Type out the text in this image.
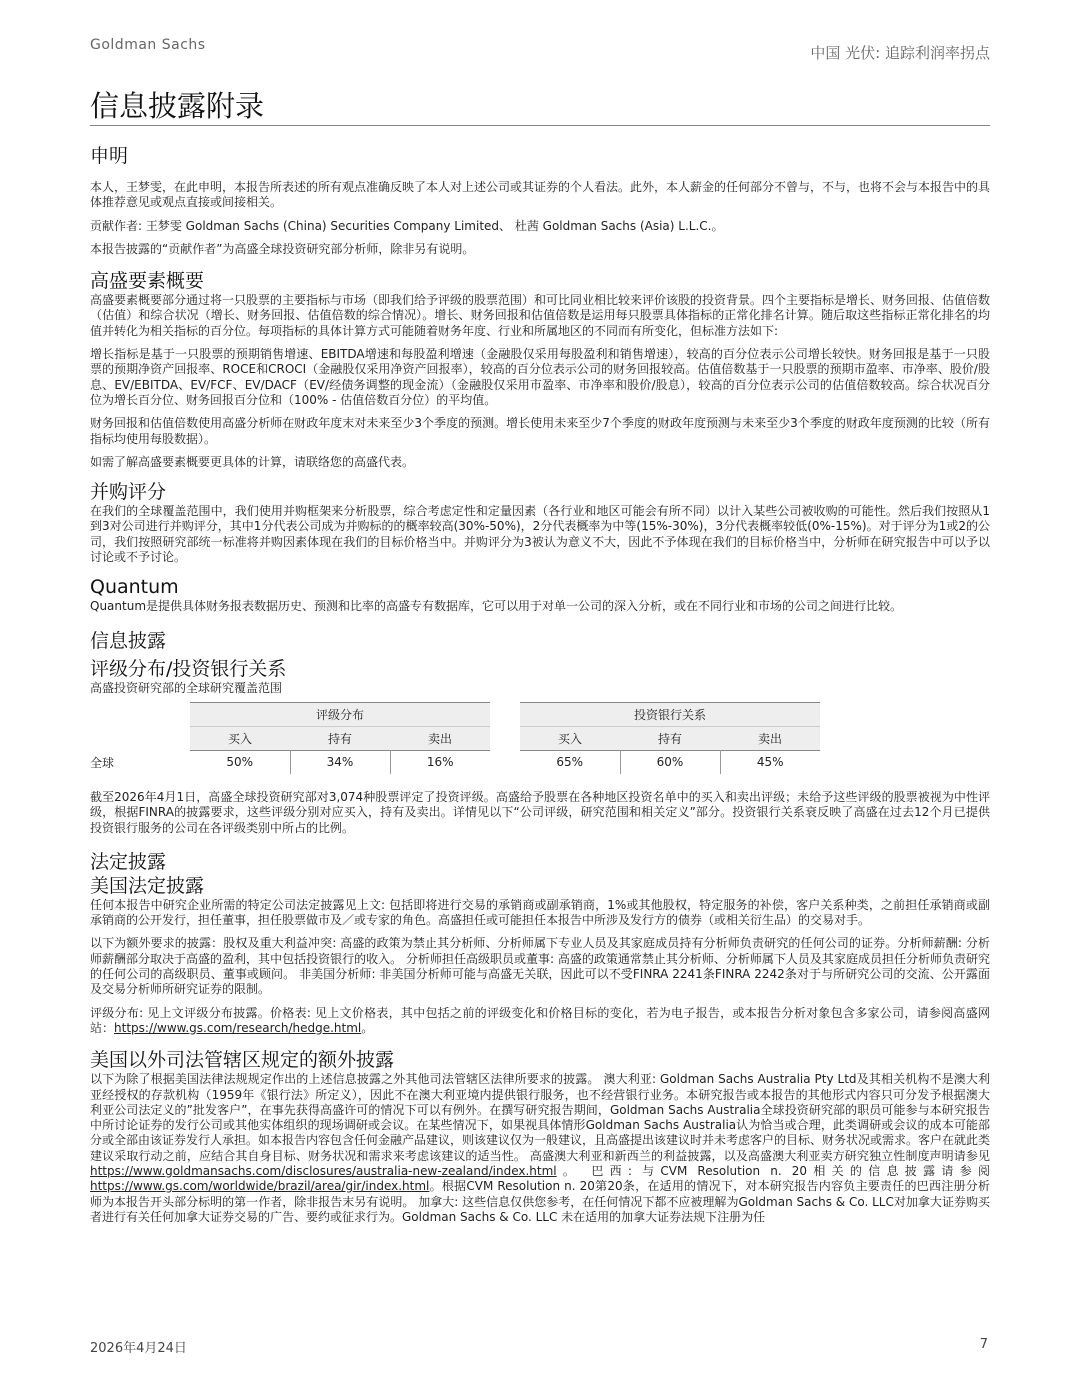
Goldman Sachs	中国 光伏: 追踪利润率拐点
信息披露附录
申明

本人，王梦雯，在此申明，本报告所表述的所有观点准确反映了本人对上述公司或其证券的个人看法。此外，本人薪金的任何部分不曾与，不与，也将不会与本报告中的具体推荐意见或观点直接或间接相关。

贡献作者: 王梦雯 Goldman Sachs (China) Securities Company Limited、 杜茜 Goldman Sachs (Asia) L.L.C.。

本报告披露的“贡献作者”为高盛全球投资研究部分析师，除非另有说明。

高盛要素概要

高盛要素概要部分通过将一只股票的主要指标与市场（即我们给予评级的股票范围）和可比同业相比较来评价该股的投资背景。四个主要指标是增长、财务回报、估值倍数（估值）和综合状况（增长、财务回报、估值倍数的综合情况）。增长、财务回报和估值倍数是运用每只股票具体指标的正常化排名计算。随后取这些指标正常化排名的均值并转化为相关指标的百分位。每项指标的具体计算方式可能随着财务年度、行业和所属地区的不同而有所变化，但标准方法如下:

增长指标是基于一只股票的预期销售增速、EBITDA增速和每股盈利增速（金融股仅采用每股盈利和销售增速），较高的百分位表示公司增长较快。财务回报是基于一只股票的预期净资产回报率、ROCE和CROCI（金融股仅采用净资产回报率），较高的百分位表示公司的财务回报较高。估值倍数基于一只股票的预期市盈率、市净率、股价/股息、EV/EBITDA、EV/FCF、EV/DACF（EV/经债务调整的现金流）（金融股仅采用市盈率、市净率和股价/股息），较高的百分位表示公司的估值倍数较高。综合状况百分位为增长百分位、财务回报百分位和（100% - 估值倍数百分位）的平均值。

财务回报和估值倍数使用高盛分析师在财政年度末对未来至少3个季度的预测。增长使用未来至少7个季度的财政年度预测与未来至少3个季度的财政年度预测的比较（所有指标均使用每股数据）。

如需了解高盛要素概要更具体的计算，请联络您的高盛代表。

并购评分

在我们的全球覆盖范围中，我们使用并购框架来分析股票，综合考虑定性和定量因素（各行业和地区可能会有所不同）以计入某些公司被收购的可能性。然后我们按照从1到3对公司进行并购评分，其中1分代表公司成为并购标的的概率较高(30%-50%)，2分代表概率为中等(15%-30%)，3分代表概率较低(0%-15%)。对于评分为1或2的公司，我们按照研究部统一标准将并购因素体现在我们的目标价格当中。并购评分为3被认为意义不大，因此不予体现在我们的目标价格当中，分析师在研究报告中可以予以讨论或不予讨论。

Quantum

Quantum是提供具体财务报表数据历史、预测和比率的高盛专有数据库，它可以用于对单一公司的深入分析，或在不同行业和市场的公司之间进行比较。

信息披露
评级分布/投资银行关系

高盛投资研究部的全球研究覆盖范围

	评级分布				投资银行关系		
	买入	持有	卖出		买入	持有	卖出
全球	50%	34%	16%		65%	60%	45%

截至2026年4月1日，高盛全球投资研究部对3,074种股票评定了投资评级。高盛给予股票在各种地区投资名单中的买入和卖出评级；未给予这些评级的股票被视为中性评级，根据FINRA的披露要求，这些评级分别对应买入，持有及卖出。详情见以下“公司评级，研究范围和相关定义”部分。投资银行关系衰反映了高盛在过去12个月已提供投资银行服务的公司在各评级类别中所占的比例。

法定披露
美国法定披露

任何本报告中研究企业所需的特定公司法定披露见上文: 包括即将进行交易的承销商或副承销商，1%或其他股权，特定服务的补偿，客户关系种类，之前担任承销商或副承销商的公开发行，担任董事，担任股票做市及／或专家的角色。高盛担任或可能担任本报告中所涉及发行方的债券（或相关衍生品）的交易对手。

以下为额外要求的披露：股权及重大利益冲突: 高盛的政策为禁止其分析师、分析师属下专业人员及其家庭成员持有分析师负责研究的任何公司的证券。分析师薪酬: 分析师薪酬部分取决于高盛的盈利，其中包括投资银行的收入。 分析师担任高级职员或董事: 高盛的政策通常禁止其分析师、分析师属下人员及其家庭成员担任分析师负责研究的任何公司的高级职员、董事或顾问。 非美国分析师: 非美国分析师可能与高盛无关联，因此可以不受FINRA 2241条FINRA 2242条对于与所研究公司的交流、公开露面及交易分析师所研究证券的限制。

评级分布: 见上文评级分布披露。价格表: 见上文价格表，其中包括之前的评级变化和价格目标的变化，若为电子报告，或本报告分析对象包含多家公司，请参阅高盛网站：https://www.gs.com/research/hedge.html。

美国以外司法管辖区规定的额外披露

以下为除了根据美国法律法规规定作出的上述信息披露之外其他司法管辖区法律所要求的披露。 澳大利亚: Goldman Sachs Australia Pty Ltd及其相关机构不是澳大利亚经授权的存款机构（1959年《银行法》所定义），因此不在澳大利亚境内提供银行服务，也不经营银行业务。本研究报告或本报告的其他形式内容只可分发予根据澳大利亚公司法定义的”批发客户”，在事先获得高盛许可的情况下可以有例外。在撰写研究报告期间，Goldman Sachs Australia全球投资研究部的职员可能参与本研究报告中所讨论证券的发行公司或其他实体组织的现场调研或会议。在某些情况下，如果视具体情形Goldman Sachs Australia认为恰当或合理，此类调研或会议的成本可能部分或全部由该证券发行人承担。如本报告内容包含任何金融产品建议，则该建议仅为一般建议，且高盛提出该建议时并未考虑客户的目标、财务状况或需求。客户在就此类建议采取行动之前，应结合其自身目标、财务状况和需求来考虑该建议的适当性。 高盛澳大利亚和新西兰的利益披露，以及高盛澳大利亚卖方研究独立性制度声明请参见https://www.goldmansachs.com/disclosures/australia-new-zealand/index.html。 巴西: 与CVM Resolution n. 20相关的信息披露请参阅https://www.gs.com/worldwide/brazil/area/gir/index.html。根据CVM Resolution n. 20第20条，在适用的情况下，对本研究报告内容负主要责任的巴西注册分析师为本报告开头部分标明的第一作者，除非报告末另有说明。 加拿大: 这些信息仅供您参考，在任何情况下都不应被理解为Goldman Sachs & Co. LLC对加拿大证券购买者进行有关任何加拿大证券交易的广告、要约或征求行为。Goldman Sachs & Co. LLC 未在适用的加拿大证券法规下注册为任

2026年4月24日	7
